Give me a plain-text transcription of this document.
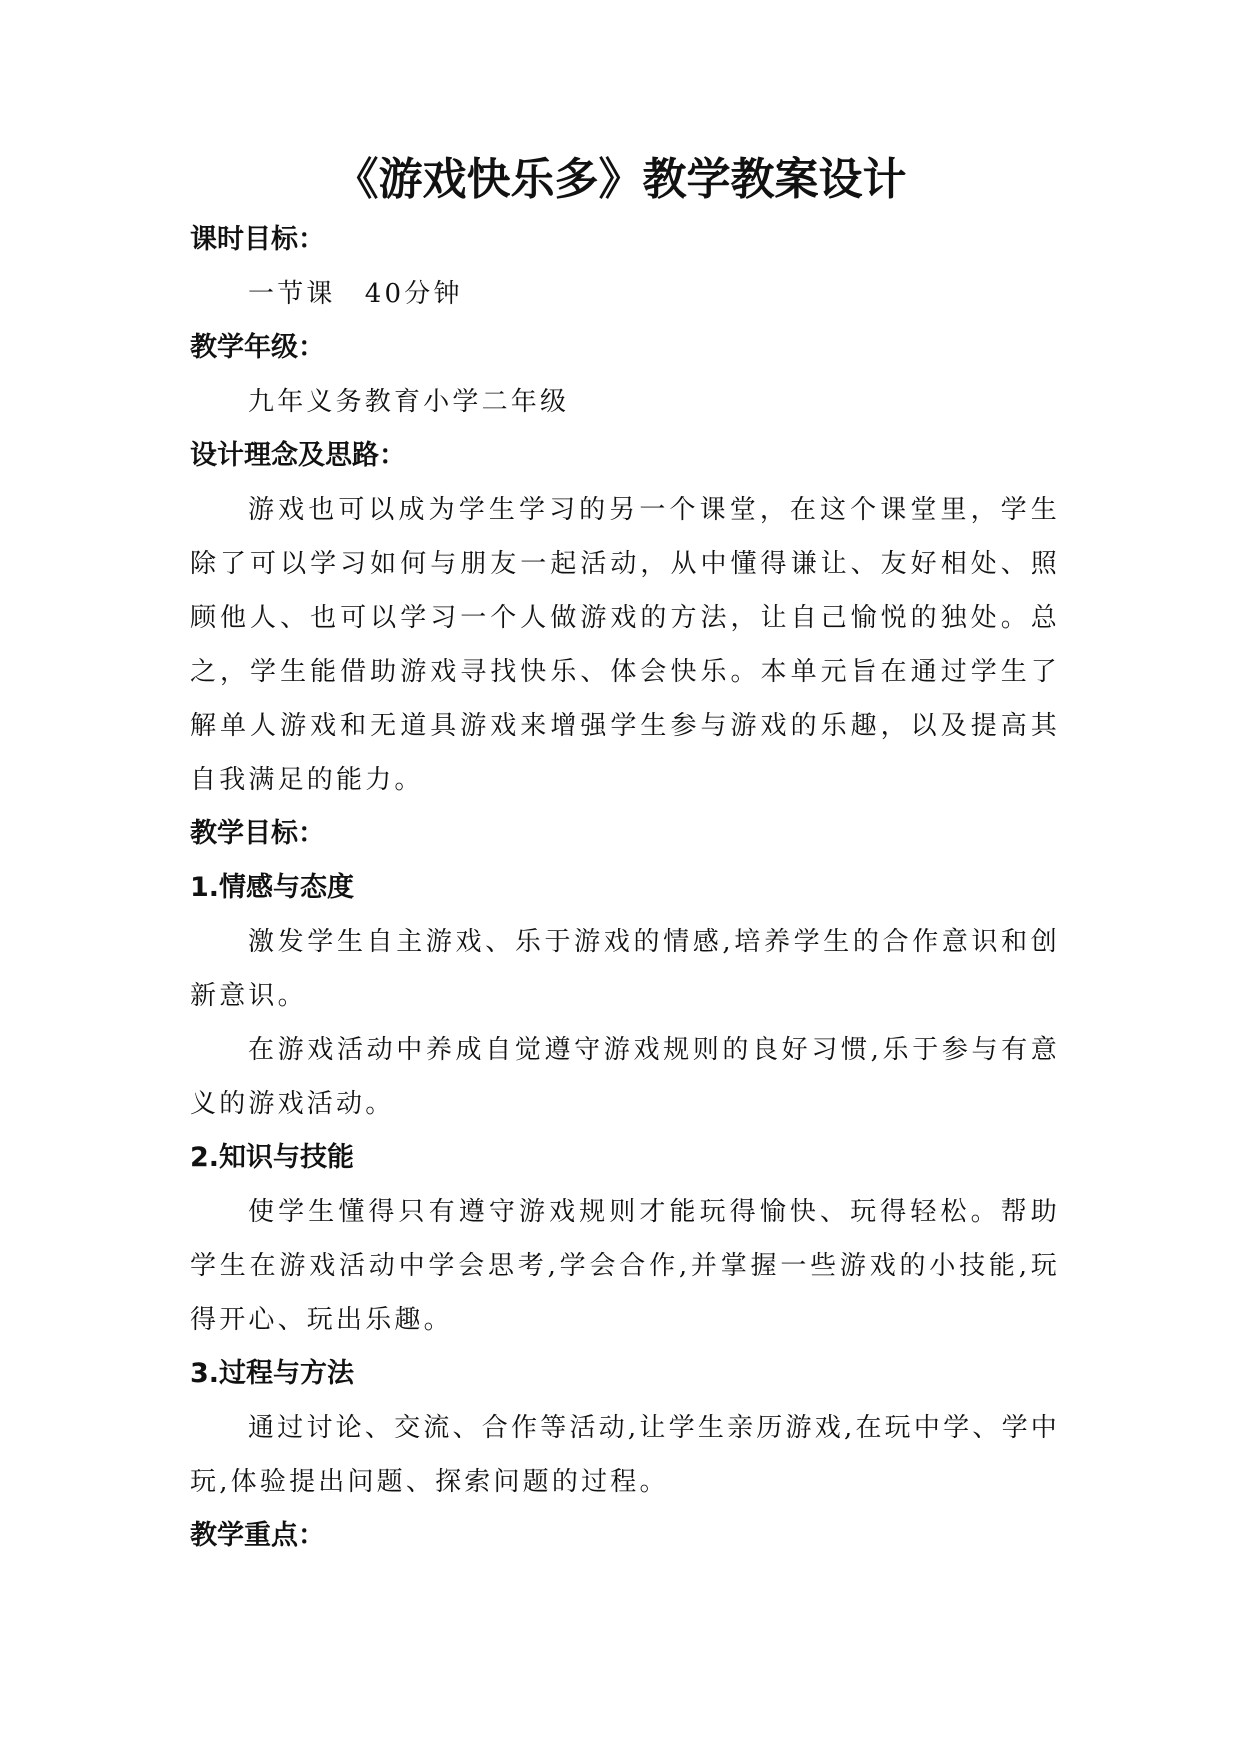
《游戏快乐多》教学教案设计
课时目标：
一节课　40分钟
教学年级：
九年义务教育小学二年级
设计理念及思路：
游戏也可以成为学生学习的另一个课堂，在这个课堂里，学生除了可以学习如何与朋友一起活动，从中懂得谦让、友好相处、照顾他人、也可以学习一个人做游戏的方法，让自己愉悦的独处。总之，学生能借助游戏寻找快乐、体会快乐。本单元旨在通过学生了解单人游戏和无道具游戏来增强学生参与游戏的乐趣，以及提高其自我满足的能力。
教学目标：
1.情感与态度
激发学生自主游戏、乐于游戏的情感,培养学生的合作意识和创新意识。
在游戏活动中养成自觉遵守游戏规则的良好习惯,乐于参与有意义的游戏活动。
2.知识与技能
使学生懂得只有遵守游戏规则才能玩得愉快、玩得轻松。帮助学生在游戏活动中学会思考,学会合作,并掌握一些游戏的小技能,玩得开心、玩出乐趣。
3.过程与方法
通过讨论、交流、合作等活动,让学生亲历游戏,在玩中学、学中玩,体验提出问题、探索问题的过程。
教学重点：
